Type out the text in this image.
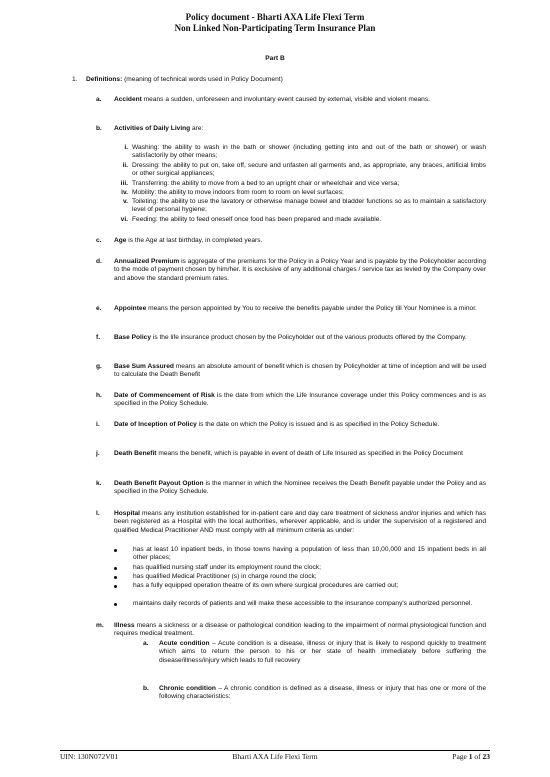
Policy document - Bharti AXA Life Flexi Term
Non Linked Non-Participating Term Insurance Plan
Part B
1. Definitions: (meaning of technical words used in Policy Document)
a. Accident means a sudden, unforeseen and involuntary event caused by external, visible and violent means.
b. Activities of Daily Living are:
i. Washing: the ability to wash in the bath or shower (including getting into and out of the bath or shower) or wash satisfactorily by other means;
ii. Dressing: the ability to put on, take off, secure and unfasten all garments and, as appropriate, any braces, artificial limbs or other surgical appliances;
iii. Transferring: the ability to move from a bed to an upright chair or wheelchair and vice versa;
iv. Mobility: the ability to move indoors from room to room on level surfaces;
v. Toileting: the ability to use the lavatory or otherwise manage bowel and bladder functions so as to maintain a satisfactory level of personal hygiene;
vi. Feeding: the ability to feed oneself once food has been prepared and made available.
c. Age is the Age at last birthday, in completed years.
d. Annualized Premium is aggregate of the premiums for the Policy in a Policy Year and is payable by the Policyholder according to the mode of payment chosen by him/her. It is exclusive of any additional charges / service tax as levied by the Company over and above the standard premium rates.
e. Appointee means the person appointed by You to receive the benefits payable under the Policy till Your Nominee is a minor.
f. Base Policy is the life insurance product chosen by the Policyholder out of the various products offered by the Company.
g. Base Sum Assured means an absolute amount of benefit which is chosen by Policyholder at time of inception and will be used to calculate the Death Benefit
h. Date of Commencement of Risk is the date from which the Life Insurance coverage under this Policy commences and is as specified in the Policy Schedule.
i. Date of Inception of Policy is the date on which the Policy is issued and is as specified in the Policy Schedule.
j. Death Benefit means the benefit, which is payable in event of death of Life Insured as specified in the Policy Document
k. Death Benefit Payout Option is the manner in which the Nominee receives the Death Benefit payable under the Policy and as specified in the Policy Schedule.
l. Hospital means any institution established for in-patient care and day care treatment of sickness and/or injuries and which has been registered as a Hospital with the local authorities, wherever applicable, and is under the supervision of a registered and qualified Medical Practitioner AND must comply with all minimum criteria as under:
has at least 10 inpatient beds, in those towns having a population of less than 10,00,000 and 15 inpatient beds in all other places;
has qualified nursing staff under its employment round the clock;
has qualified Medical Practitioner (s) in charge round the clock;
has a fully equipped operation theatre of its own where surgical procedures are carried out;
maintains daily records of patients and will make these accessible to the insurance company's authorized personnel.
m. Illness means a sickness or a disease or pathological condition leading to the impairment of normal physiological function and requires medical treatment.
a. Acute condition – Acute condition is a disease, illness or injury that is likely to respond quickly to treatment which aims to return the person to his or her state of health immediately before suffering the disease/illness/injury which leads to full recovery
b. Chronic condition – A chronic condition is defined as a disease, illness or injury that has one or more of the following characteristics:
UIN: 130N072V01	Bharti AXA Life Flexi Term	Page 1 of 23
